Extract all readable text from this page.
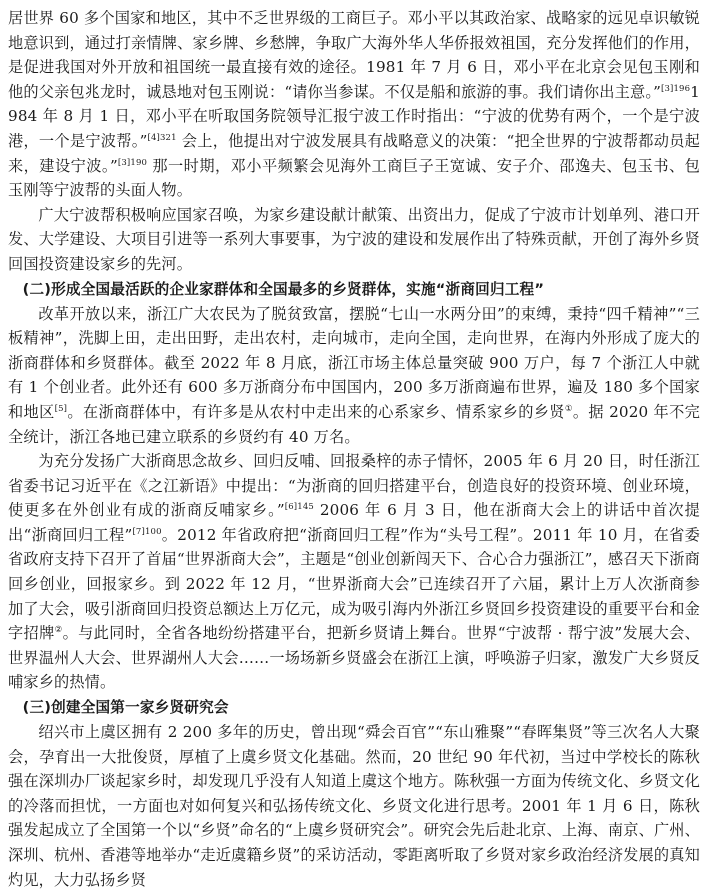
居世界 60 多个国家和地区，其中不乏世界级的工商巨子。邓小平以其政治家、战略家的远见卓识敏锐地意识到，通过打亲情牌、家乡牌、乡愁牌，争取广大海外华人华侨报效祖国，充分发挥他们的作用，是促进我国对外开放和祖国统一最直接有效的途径。1981 年 7 月 6 日，邓小平在北京会见包玉刚和他的父亲包兆龙时，诚恳地对包玉刚说：“请你当参谋。不仅是船和旅游的事。我们请你出主意。”$^{[3]196}$1984 年 8 月 1 日，邓小平在听取国务院领导汇报宁波工作时指出：“宁波的优势有两个，一个是宁波港，一个是宁波帮。”$^{[4]321}$ 会上，他提出对宁波发展具有战略意义的决策：“把全世界的宁波帮都动员起来，建设宁波。”$^{[3]190}$ 那一时期，邓小平频繁会见海外工商巨子王宽诚、安子介、邵逸夫、包玉书、包玉刚等宁波帮的头面人物。

广大宁波帮积极响应国家召唤，为家乡建设献计献策、出资出力，促成了宁波市计划单列、港口开发、大学建设、大项目引进等一系列大事要事，为宁波的建设和发展作出了特殊贡献，开创了海外乡贤回国投资建设家乡的先河。

(二)形成全国最活跃的企业家群体和全国最多的乡贤群体，实施“浙商回归工程”

改革开放以来，浙江广大农民为了脱贫致富，摆脱“七山一水两分田”的束缚，秉持“四千精神”“三板精神”，洗脚上田，走出田野，走出农村，走向城市，走向全国，走向世界，在海内外形成了庞大的浙商群体和乡贤群体。截至 2022 年 8 月底，浙江市场主体总量突破 900 万户，每 7 个浙江人中就有 1 个创业者。此外还有 600 多万浙商分布中国国内，200 多万浙商遍布世界，遍及 180 多个国家和地区[5]。在浙商群体中，有许多是从农村中走出来的心系家乡、情系家乡的乡贤①。据 2020 年不完全统计，浙江各地已建立联系的乡贤约有 40 万名。

为充分发扬广大浙商思念故乡、回归反哺、回报桑梓的赤子情怀，2005 年 6 月 20 日，时任浙江省委书记习近平在《之江新语》中提出：“为浙商的回归搭建平台，创造良好的投资环境、创业环境，使更多在外创业有成的浙商反哺家乡。”$^{[6]145}$ 2006 年 6 月 3 日，他在浙商大会上的讲话中首次提出“浙商回归工程”$^{[7]100}$。2012 年省政府把“浙商回归工程”作为“头号工程”。2011 年 10 月，在省委省政府支持下召开了首届“世界浙商大会”，主题是“创业创新闯天下、合心合力强浙江”，感召天下浙商回乡创业，回报家乡。到 2022 年 12 月，“世界浙商大会”已连续召开了六届，累计上万人次浙商参加了大会，吸引浙商回归投资总额达上万亿元，成为吸引海内外浙江乡贤回乡投资建设的重要平台和金字招牌②。与此同时，全省各地纷纷搭建平台，把新乡贤请上舞台。世界“宁波帮 · 帮宁波”发展大会、世界温州人大会、世界湖州人大会……一场场新乡贤盛会在浙江上演，呼唤游子归家，激发广大乡贤反哺家乡的热情。

(三)创建全国第一家乡贤研究会

绍兴市上虞区拥有 2 200 多年的历史，曾出现“舜会百官”“东山雅聚”“春晖集贤”等三次名人大聚会，孕育出一大批俊贤，厚植了上虞乡贤文化基础。然而，20 世纪 90 年代初，当过中学校长的陈秋强在深圳办厂谈起家乡时，却发现几乎没有人知道上虞这个地方。陈秋强一方面为传统文化、乡贤文化的冷落而担忧，一方面也对如何复兴和弘扬传统文化、乡贤文化进行思考。2001 年 1 月 6 日，陈秋强发起成立了全国第一个以“乡贤”命名的“上虞乡贤研究会”。研究会先后赴北京、上海、南京、广州、深圳、杭州、香港等地举办“走近虞籍乡贤”的采访活动，零距离听取了乡贤对家乡政治经济发展的真知灼见，大力弘扬乡贤
